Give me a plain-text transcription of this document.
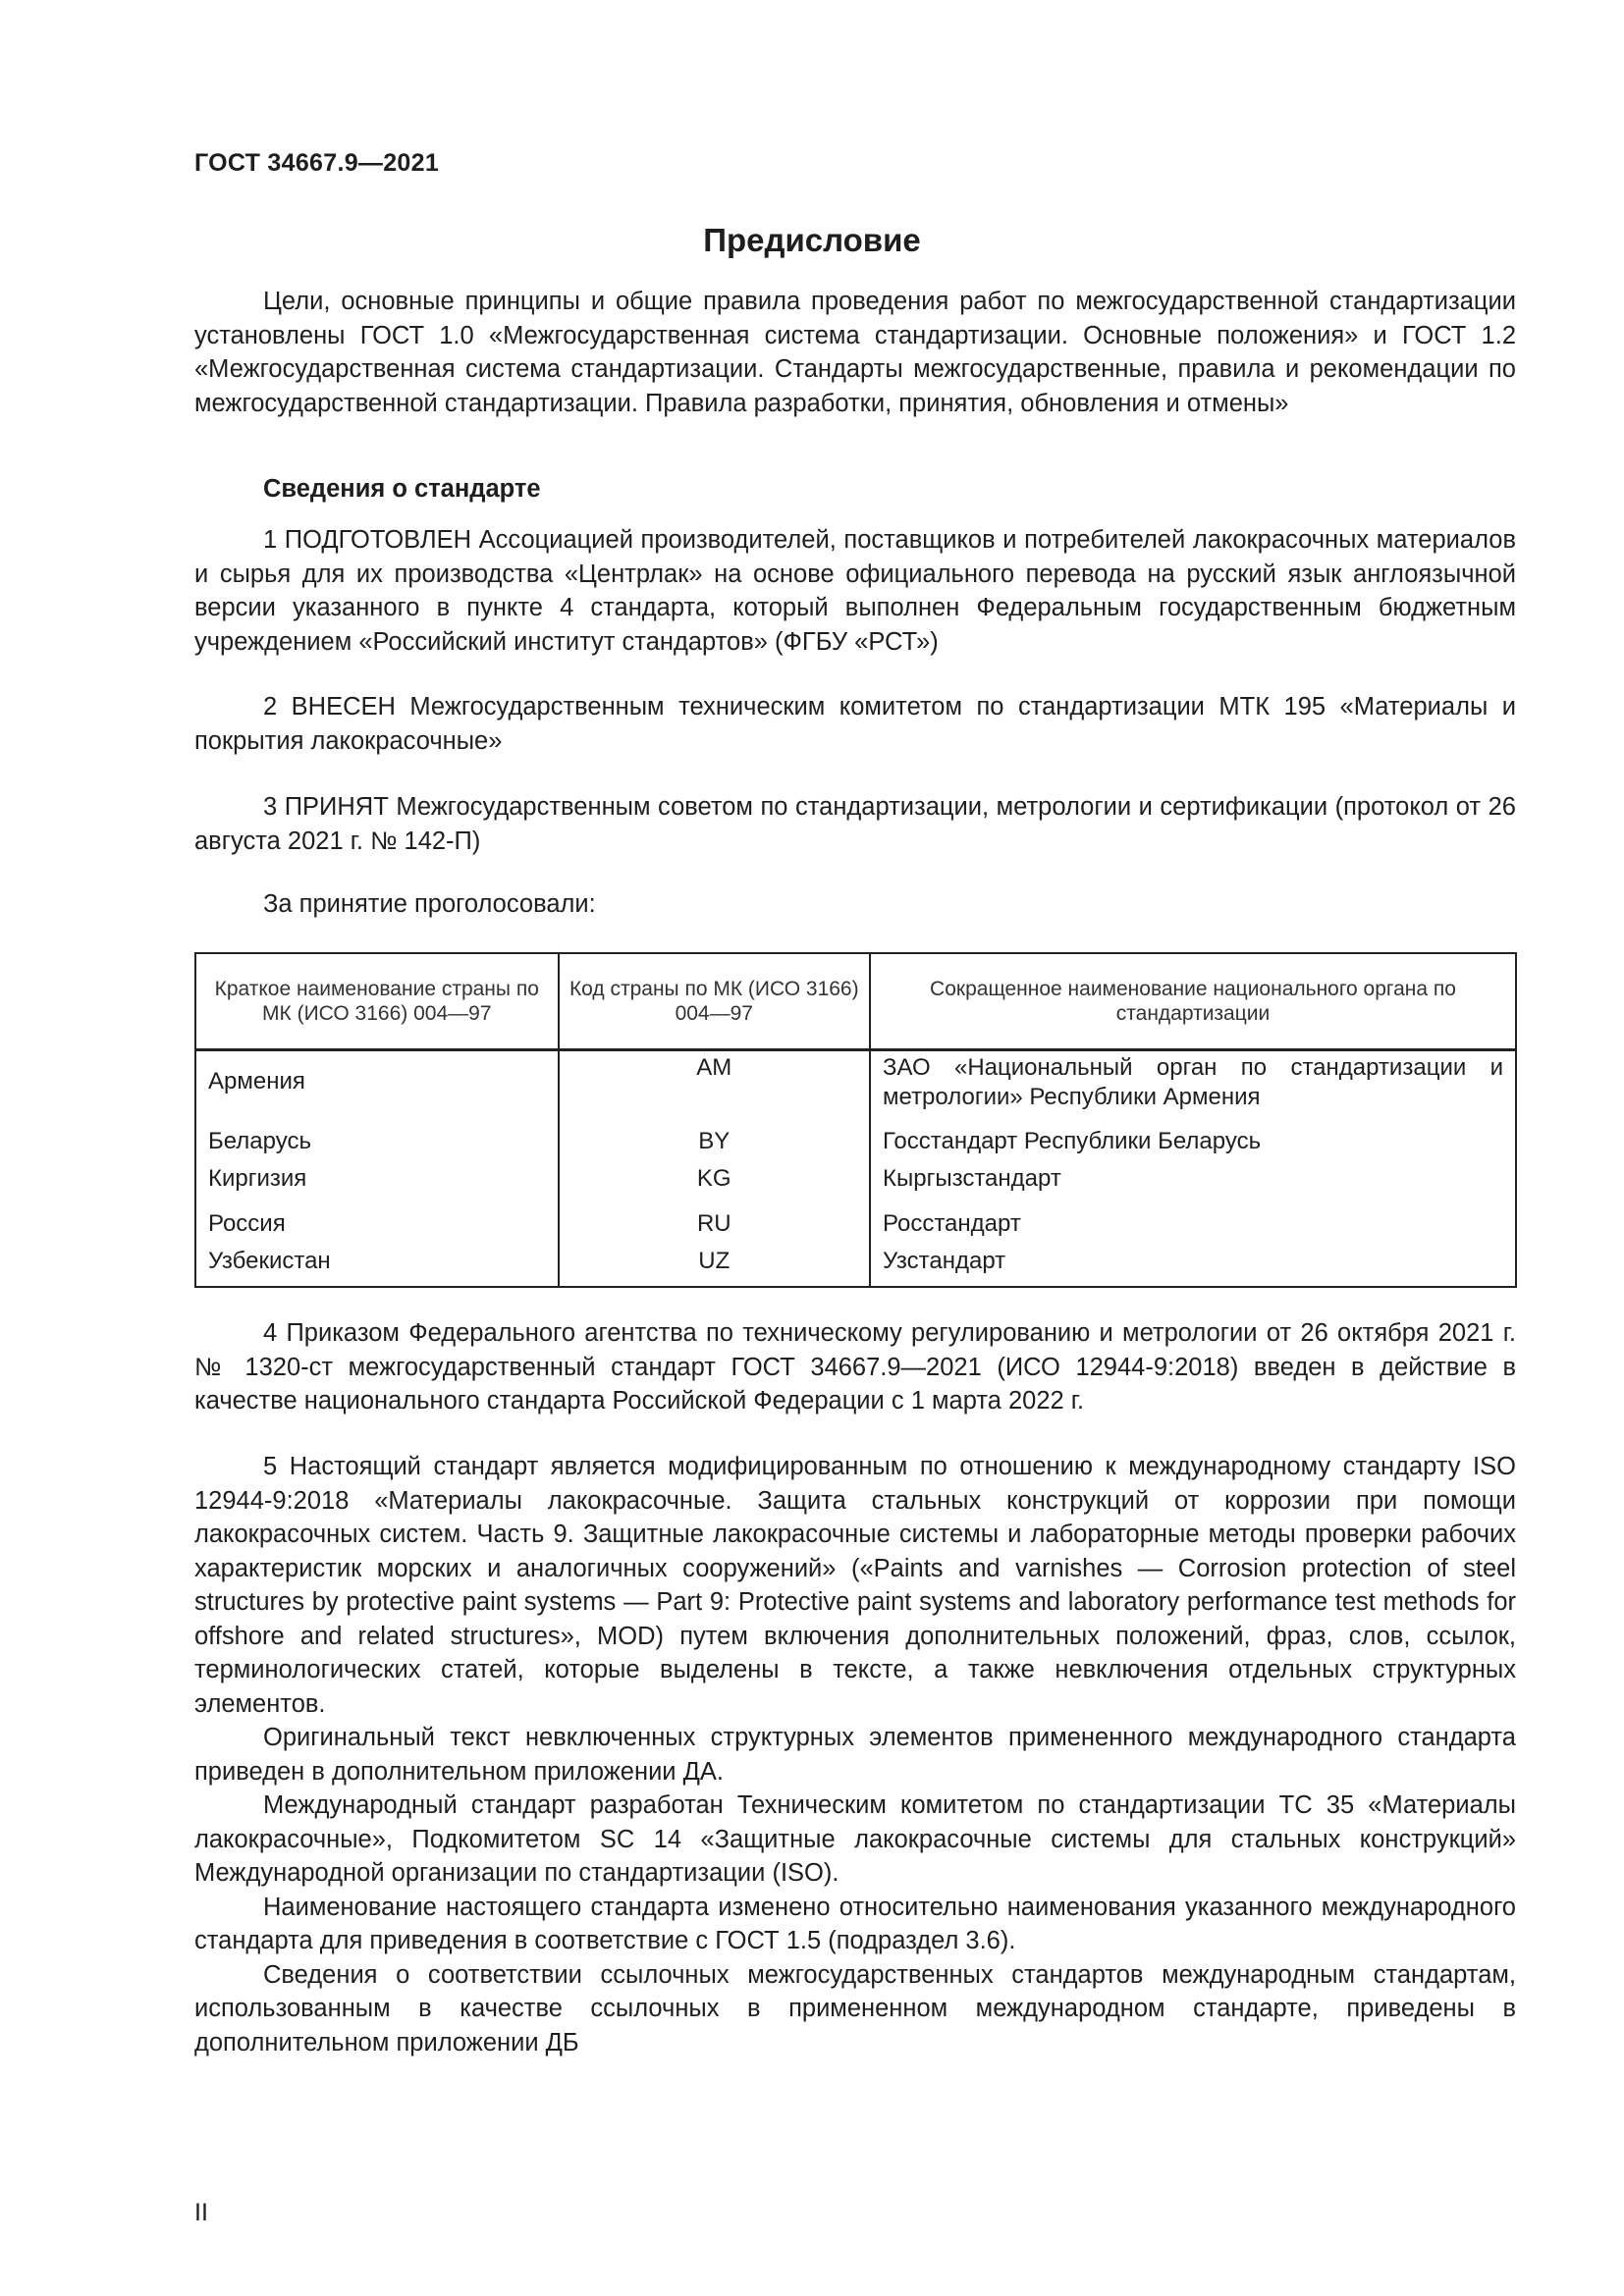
ГОСТ 34667.9—2021
Предисловие

Цели, основные принципы и общие правила проведения работ по межгосударственной стандартизации установлены ГОСТ 1.0 «Межгосударственная система стандартизации. Основные положения» и ГОСТ 1.2 «Межгосударственная система стандартизации. Стандарты межгосударственные, правила и рекомендации по межгосударственной стандартизации. Правила разработки, принятия, обновления и отмены»

Сведения о стандарте

1 ПОДГОТОВЛЕН Ассоциацией производителей, поставщиков и потребителей лакокрасочных материалов и сырья для их производства «Центрлак» на основе официального перевода на русский язык англоязычной версии указанного в пункте 4 стандарта, который выполнен Федеральным государственным бюджетным учреждением «Российский институт стандартов» (ФГБУ «РСТ»)

2 ВНЕСЕН Межгосударственным техническим комитетом по стандартизации МТК 195 «Материалы и покрытия лакокрасочные»

3 ПРИНЯТ Межгосударственным советом по стандартизации, метрологии и сертификации (протокол от 26 августа 2021 г. № 142-П)

За принятие проголосовали:
Краткое наименование страны по МК (ИСО 3166) 004—97	Код страны по МК (ИСО 3166) 004—97	Сокращенное наименование национального органа по стандартизации
Армения	AM	ЗАО «Национальный орган по стандартизации и метрологии» Республики Армения
Беларусь	BY	Госстандарт Республики Беларусь
Киргизия	KG	Кыргызстандарт
Россия	RU	Росстандарт
Узбекистан	UZ	Узстандарт

4 Приказом Федерального агентства по техническому регулированию и метрологии от 26 октября 2021 г. № 1320-ст межгосударственный стандарт ГОСТ 34667.9—2021 (ИСО 12944-9:2018) введен в действие в качестве национального стандарта Российской Федерации с 1 марта 2022 г.

5 Настоящий стандарт является модифицированным по отношению к международному стандарту ISO 12944-9:2018 «Материалы лакокрасочные. Защита стальных конструкций от коррозии при помощи лакокрасочных систем. Часть 9. Защитные лакокрасочные системы и лабораторные методы проверки рабочих характеристик морских и аналогичных сооружений» («Paints and varnishes — Corrosion protection of steel structures by protective paint systems — Part 9: Protective paint systems and laboratory performance test methods for offshore and related structures», MOD) путем включения дополнительных положений, фраз, слов, ссылок, терминологических статей, которые выделены в тексте, а также невключения отдельных структурных элементов.

Оригинальный текст невключенных структурных элементов примененного международного стандарта приведен в дополнительном приложении ДА.

Международный стандарт разработан Техническим комитетом по стандартизации ТС 35 «Материалы лакокрасочные», Подкомитетом SC 14 «Защитные лакокрасочные системы для стальных конструкций» Международной организации по стандартизации (ISO).

Наименование настоящего стандарта изменено относительно наименования указанного международного стандарта для приведения в соответствие с ГОСТ 1.5 (подраздел 3.6).

Сведения о соответствии ссылочных межгосударственных стандартов международным стандартам, использованным в качестве ссылочных в примененном международном стандарте, приведены в дополнительном приложении ДБ

II
